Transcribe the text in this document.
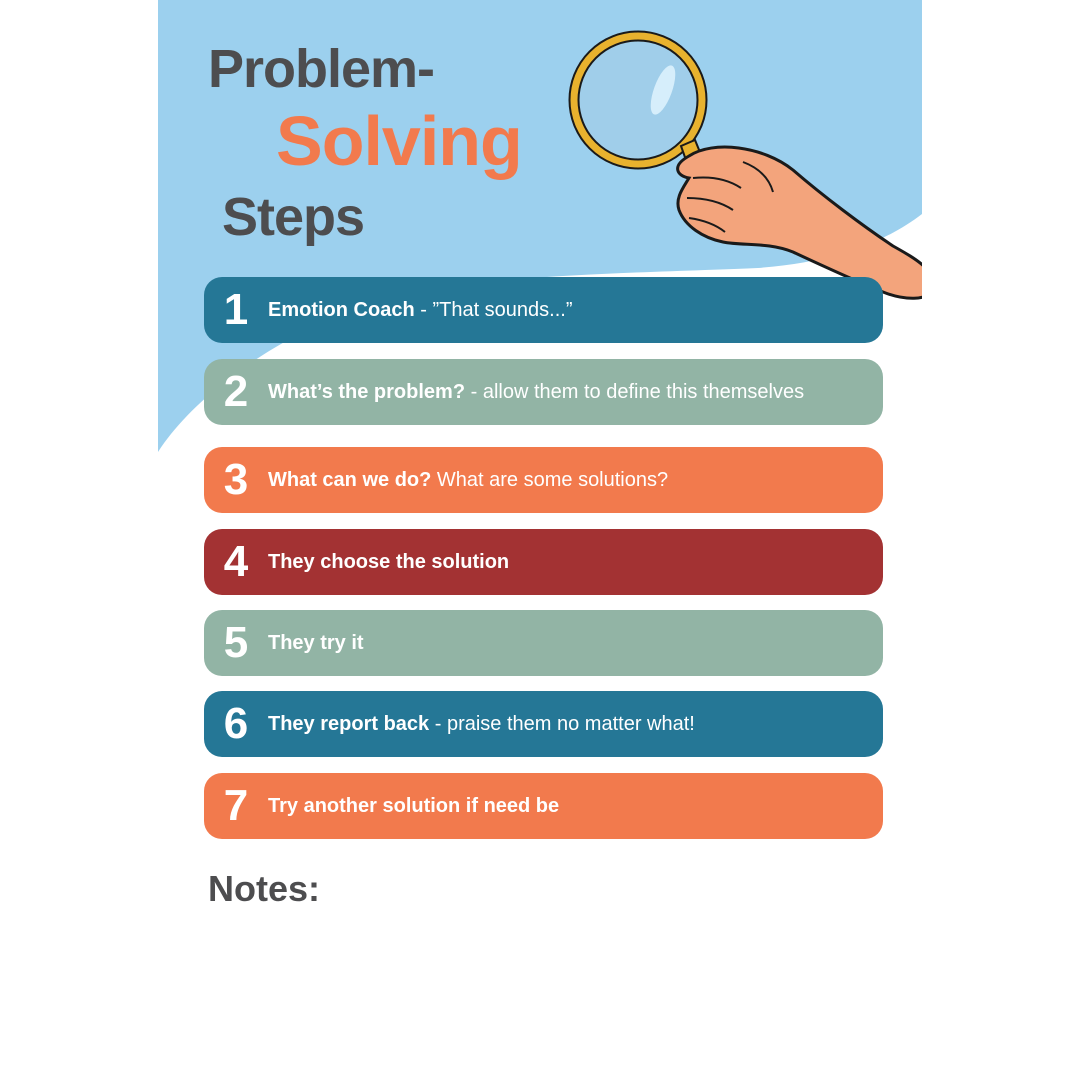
Problem-
Solving
Steps
1 Emotion Coach - ”That sounds...”
2 What’s the problem? - allow them to define this themselves
3 What can we do? What are some solutions?
4 They choose the solution
5 They try it
6 They report back - praise them no matter what!
7 Try another solution if need be
Notes:
